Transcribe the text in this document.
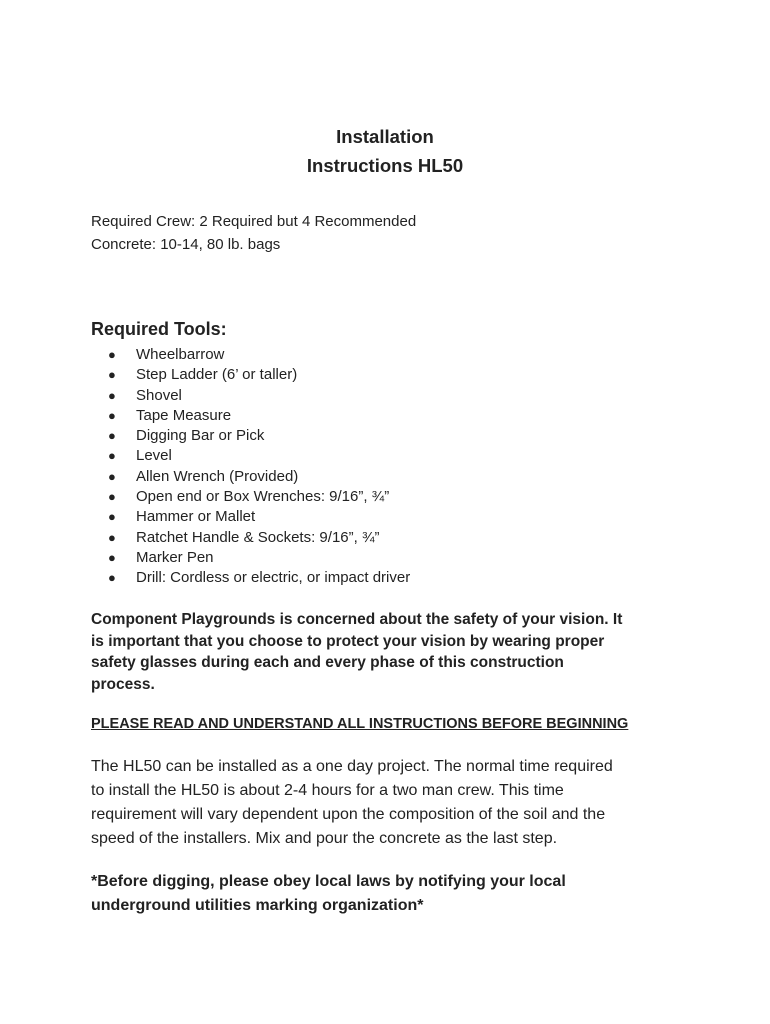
Installation
Instructions HL50
Required Crew: 2 Required but 4 Recommended
Concrete: 10-14, 80 lb. bags
Required Tools:
●	Wheelbarrow
●	Step Ladder (6’ or taller)
●	Shovel
●	Tape Measure
●	Digging Bar or Pick
●	Level
●	Allen Wrench (Provided)
●	Open end or Box Wrenches: 9/16”, ¾”
●	Hammer or Mallet
●	Ratchet Handle & Sockets: 9/16”, ¾”
●	Marker Pen
●	Drill: Cordless or electric, or impact driver
Component Playgrounds is concerned about the safety of your vision. It
is important that you choose to protect your vision by wearing proper
safety glasses during each and every phase of this construction
process.
PLEASE READ AND UNDERSTAND ALL INSTRUCTIONS BEFORE BEGINNING
The HL50 can be installed as a one day project. The normal time required
to install the HL50 is about 2-4 hours for a two man crew. This time
requirement will vary dependent upon the composition of the soil and the
speed of the installers. Mix and pour the concrete as the last step.
*Before digging, please obey local laws by notifying your local
underground utilities marking organization*
